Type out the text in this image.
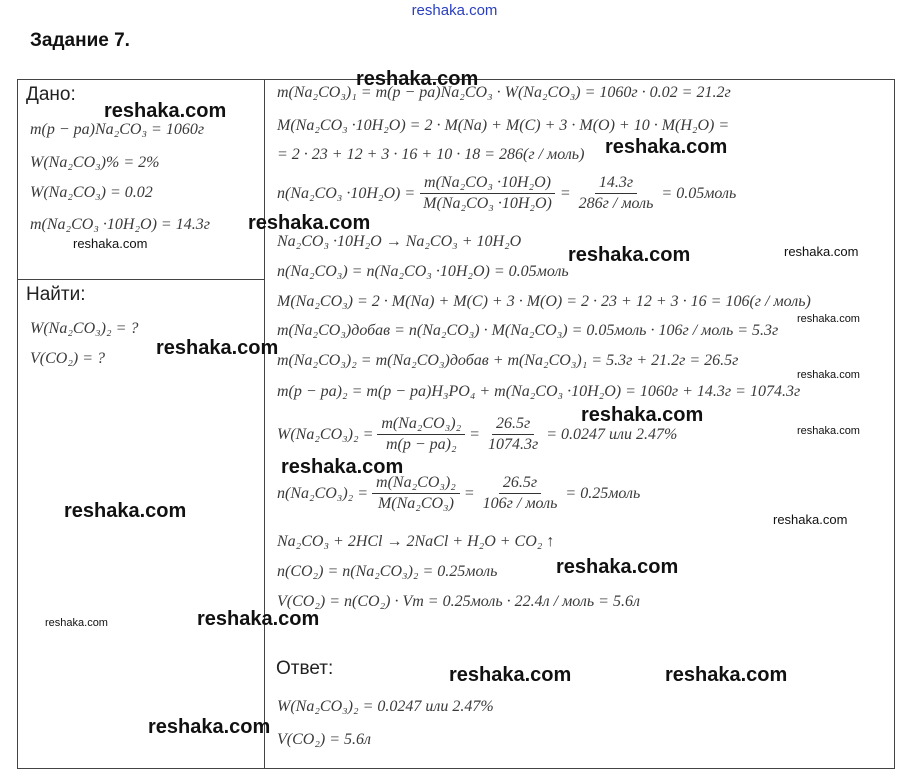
reshaka.com
Задание 7.
Дано:
m(p − pa)Na₂CO₃ = 1060г
W(Na₂CO₃)% = 2%
W(Na₂CO₃) = 0.02
m(Na₂CO₃ ·10H₂O) = 14.3г
Найти:
W(Na₂CO₃)₂ = ?
V(CO₂) = ?
m(Na₂CO₃)₁ = m(p − pa)Na₂CO₃ · W(Na₂CO₃) = 1060г · 0.02 = 21.2г
M(Na₂CO₃ ·10H₂O) = 2 · M(Na) + M(C) + 3 · M(O) + 10 · M(H₂O) =
= 2 · 23 + 12 + 3 · 16 + 10 · 18 = 286(г / моль)
$n(Na_2CO_3 \cdot 10H_2O) = \frac{\text{m(Na₂CO₃ ·10H₂O)}}{\text{M(Na₂CO₃ ·10H₂O)}} = \frac{14.3г}{\text{286г / моль}}$ = 0.05моль
Na₂CO₃ ·10H₂O → Na₂CO₃ + 10H₂O
n(Na₂CO₃) = n(Na₂CO₃ ·10H₂O) = 0.05моль
M(Na₂CO₃) = 2 · M(Na) + M(C) + 3 · M(O) = 2 · 23 + 12 + 3 · 16 = 106(г / моль)
m(Na₂CO₃)добав = n(Na₂CO₃) · M(Na₂CO₃) = 0.05моль · 106г / моль = 5.3г
m(Na₂CO₃)₂ = m(Na₂CO₃)добав + m(Na₂CO₃)₁ = 5.3г + 21.2г = 26.5г
m(p − pa)₂ = m(p − pa)H₃PO₄ + m(Na₂CO₃ ·10H₂O) = 1060г + 14.3г = 1074.3г
$W(Na_2CO_3)_2 = \frac{\text{m(Na₂CO₃)₂}}{\text{m(p − pa)₂}} = \frac{26.5г}{1074.3г} = 0.0247$ или 2.47%
$n(Na_2CO_3)_2 = \frac{\text{m(Na₂CO₃)₂}}{\text{M(Na₂CO₃)}} = \frac{26.5г}{\text{106г / моль}}$ = 0.25моль
Na₂CO₃ + 2HCl → 2NaCl + H₂O + CO₂ ↑
n(CO₂) = n(Na₂CO₃)₂ = 0.25моль
V(CO₂) = n(CO₂) · Vm = 0.25моль · 22.4л / моль = 5.6л
Ответ:
W(Na₂CO₃)₂ = 0.0247 или 2.47%
V(CO₂) = 5.6л
reshaka.com
reshaka.com
reshaka.com
reshaka.com
reshaka.com
reshaka.com	reshaka.com
reshaka.com
reshaka.com
reshaka.com
reshaka.com
reshaka.com
reshaka.com
reshaka.com	reshaka.com
reshaka.com
reshaka.com	reshaka.com
reshaka.com	reshaka.com
reshaka.com
